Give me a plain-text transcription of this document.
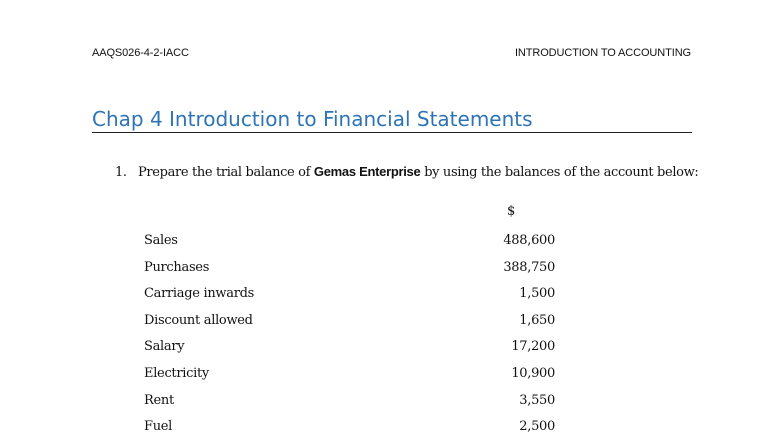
AAQS026-4-2-IACC	INTRODUCTION TO ACCOUNTING
Chap 4 Introduction to Financial Statements
1. Prepare the trial balance of Gemas Enterprise by using the balances of the account below:
$
Sales	488,600
Purchases	388,750
Carriage inwards	1,500
Discount allowed	1,650
Salary	17,200
Electricity	10,900
Rent	3,550
Fuel	2,500
